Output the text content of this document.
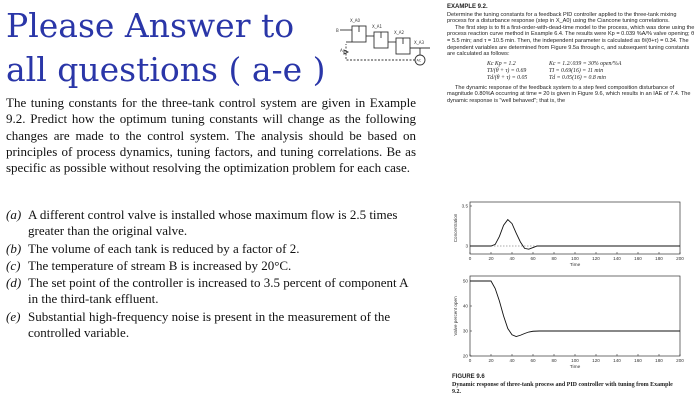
Please Answer to
all questions ( a-e )
B
X_A0
X_A1
X_A2
X_A3
AC
A
The tuning constants for the three-tank control system are given in Example 9.2. Predict how the optimum tuning constants will change as the following changes are made to the control system. The analysis should be based on principles of process dynamics, tuning factors, and tuning correlations. Be as specific as possible without resolving the optimization problem for each case.
(a) A different control valve is installed whose maximum flow is 2.5 times greater than the original valve.
(b) The volume of each tank is reduced by a factor of 2.
(c) The temperature of stream B is increased by 20°C.
(d) The set point of the controller is increased to 3.5 percent of component A in the third-tank effluent.
(e) Substantial high-frequency noise is present in the measurement of the controlled variable.
EXAMPLE 9.2.

Determine the tuning constants for a feedback PID controller applied to the three-tank mixing process for a disturbance response (step in X_A0) using the Ciancone tuning correlations.

The first step is to fit a first-order-with-dead-time model to the process, which was done using the process reaction curve method in Example 6.4. The results were Kp = 0.039 %A/% valve opening; θ = 5.5 min; and τ = 10.5 min. Then, the independent parameter is calculated as θ/(θ+τ) = 0.34. The dependent variables are determined from Figure 9.5a through c, and subsequent tuning constants are calculated as follows:

Kc Kp = 1.2	Kc = 1.2/.039 = 30% open/%A
TI/(θ + τ) = 0.69	TI = 0.69(16) = 11 min
Td/(θ + τ) = 0.05	Td = 0.05(16) = 0.8 min

The dynamic response of the feedback system to a step feed composition disturbance of magnitude 0.80%A occurring at time = 20 is given in Figure 9.6, which results in an IAE of 7.4. The dynamic response is "well behaved"; that is, the

0	20	40	60	80	100	120	140	160	180	200
3
3.5
Time
Concentration
0	20	40	60	80	100	120	140	160	180	200
20
30
40
50
Time
Valve percent open
FIGURE 9.6
Dynamic response of three-tank process and PID controller with tuning from Example 9.2.
